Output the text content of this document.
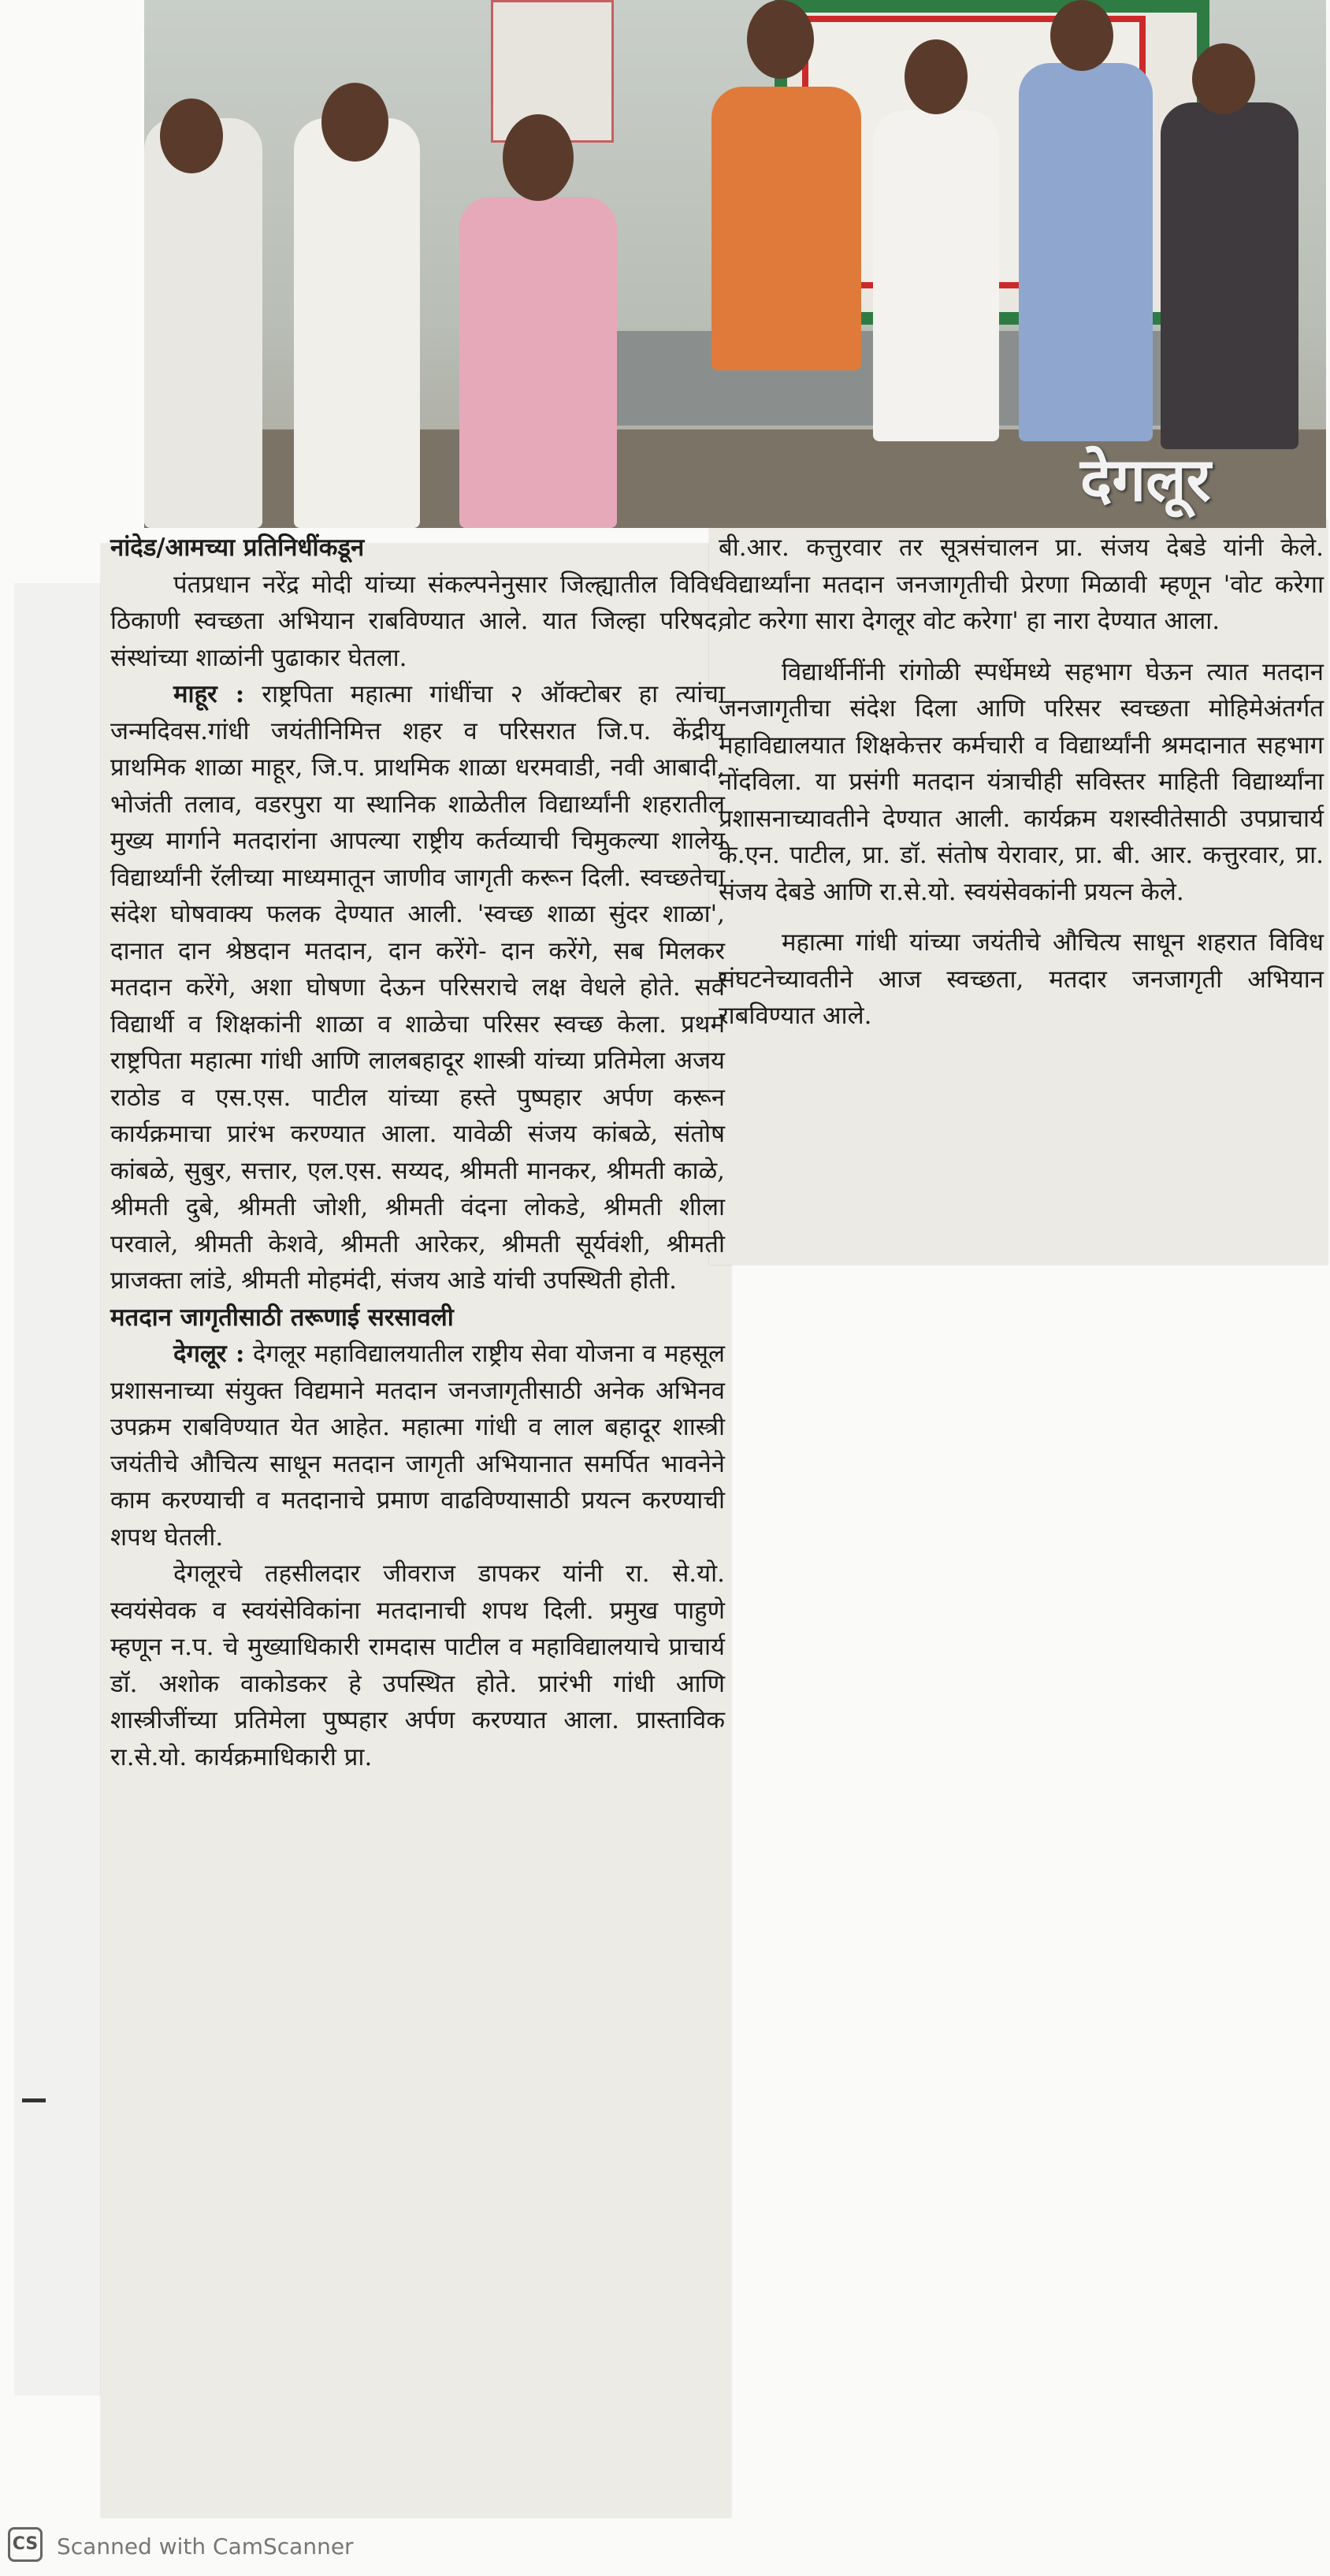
देगलूर

नांदेड/आमच्या प्रतिनिधींकडून

पंतप्रधान नरेंद्र मोदी यांच्या संकल्पनेनुसार जिल्ह्यातील विविध ठिकाणी स्वच्छता अभियान राबविण्यात आले. यात जिल्हा परिषद, संस्थांच्या शाळांनी पुढाकार घेतला.

माहूर : राष्ट्रपिता महात्मा गांधींचा २ ऑक्टोबर हा त्यांचा जन्मदिवस.गांधी जयंतीनिमित्त शहर व परिसरात जि.प. केंद्रीय प्राथमिक शाळा माहूर, जि.प. प्राथमिक शाळा धरमवाडी, नवी आबादी, भोजंती तलाव, वडरपुरा या स्थानिक शाळेतील विद्यार्थ्यांनी शहरातील मुख्य मार्गाने मतदारांना आपल्या राष्ट्रीय कर्तव्याची चिमुकल्या शालेय विद्यार्थ्यांनी रॅलीच्या माध्यमातून जाणीव जागृती करून दिली. स्वच्छतेचा संदेश घोषवाक्य फलक देण्यात आली. 'स्वच्छ शाळा सुंदर शाळा', दानात दान श्रेष्ठदान मतदान, दान करेंगे- दान करेंगे, सब मिलकर मतदान करेंगे, अशा घोषणा देऊन परिसराचे लक्ष वेधले होते. सर्व विद्यार्थी व शिक्षकांनी शाळा व शाळेचा परिसर स्वच्छ केला. प्रथम राष्ट्रपिता महात्मा गांधी आणि लालबहादूर शास्त्री यांच्या प्रतिमेला अजय राठोड व एस.एस. पाटील यांच्या हस्ते पुष्पहार अर्पण करून कार्यक्रमाचा प्रारंभ करण्यात आला. यावेळी संजय कांबळे, संतोष कांबळे, सुबुर, सत्तार, एल.एस. सय्यद, श्रीमती मानकर, श्रीमती काळे, श्रीमती दुबे, श्रीमती जोशी, श्रीमती वंदना लोकडे, श्रीमती शीला परवाले, श्रीमती केशवे, श्रीमती आरेकर, श्रीमती सूर्यवंशी, श्रीमती प्राजक्ता लांडे, श्रीमती मोहमंदी, संजय आडे यांची उपस्थिती होती.

मतदान जागृतीसाठी तरूणाई सरसावली

देगलूर : देगलूर महाविद्यालयातील राष्ट्रीय सेवा योजना व महसूल प्रशासनाच्या संयुक्त विद्यमाने मतदान जनजागृतीसाठी अनेक अभिनव उपक्रम राबविण्यात येत आहेत. महात्मा गांधी व लाल बहादूर शास्त्री जयंतीचे औचित्य साधून मतदान जागृती अभियानात समर्पित भावनेने काम करण्याची व मतदानाचे प्रमाण वाढविण्यासाठी प्रयत्न करण्याची शपथ घेतली.

देगलूरचे तहसीलदार जीवराज डापकर यांनी रा. से.यो. स्वयंसेवक व स्वयंसेविकांना मतदानाची शपथ दिली. प्रमुख पाहुणे म्हणून न.प. चे मुख्याधिकारी रामदास पाटील व महाविद्यालयाचे प्राचार्य डॉ. अशोक वाकोडकर हे उपस्थित होते. प्रारंभी गांधी आणि शास्त्रीजींच्या प्रतिमेला पुष्पहार अर्पण करण्यात आला. प्रास्ताविक रा.से.यो. कार्यक्रमाधिकारी प्रा.

बी.आर. कत्तुरवार तर सूत्रसंचालन प्रा. संजय देबडे यांनी केले. विद्यार्थ्यांना मतदान जनजागृतीची प्रेरणा मिळावी म्हणून 'वोट करेगा वोट करेगा सारा देगलूर वोट करेगा' हा नारा देण्यात आला.

विद्यार्थीनींनी रांगोळी स्पर्धेमध्ये सहभाग घेऊन त्यात मतदान जनजागृतीचा संदेश दिला आणि परिसर स्वच्छता मोहिमेअंतर्गत महाविद्यालयात शिक्षकेत्तर कर्मचारी व विद्यार्थ्यांनी श्रमदानात सहभाग नोंदविला. या प्रसंगी मतदान यंत्राचीही सविस्तर माहिती विद्यार्थ्यांना प्रशासनाच्यावतीने देण्यात आली. कार्यक्रम यशस्वीतेसाठी उपप्राचार्य के.एन. पाटील, प्रा. डॉ. संतोष येरावार, प्रा. बी. आर. कत्तुरवार, प्रा. संजय देबडे आणि रा.से.यो. स्वयंसेवकांनी प्रयत्न केले.

महात्मा गांधी यांच्या जयंतीचे औचित्य साधून शहरात विविध संघटनेच्यावतीने आज स्वच्छता, मतदार जनजागृती अभियान राबविण्यात आले.

CS Scanned with CamScanner
